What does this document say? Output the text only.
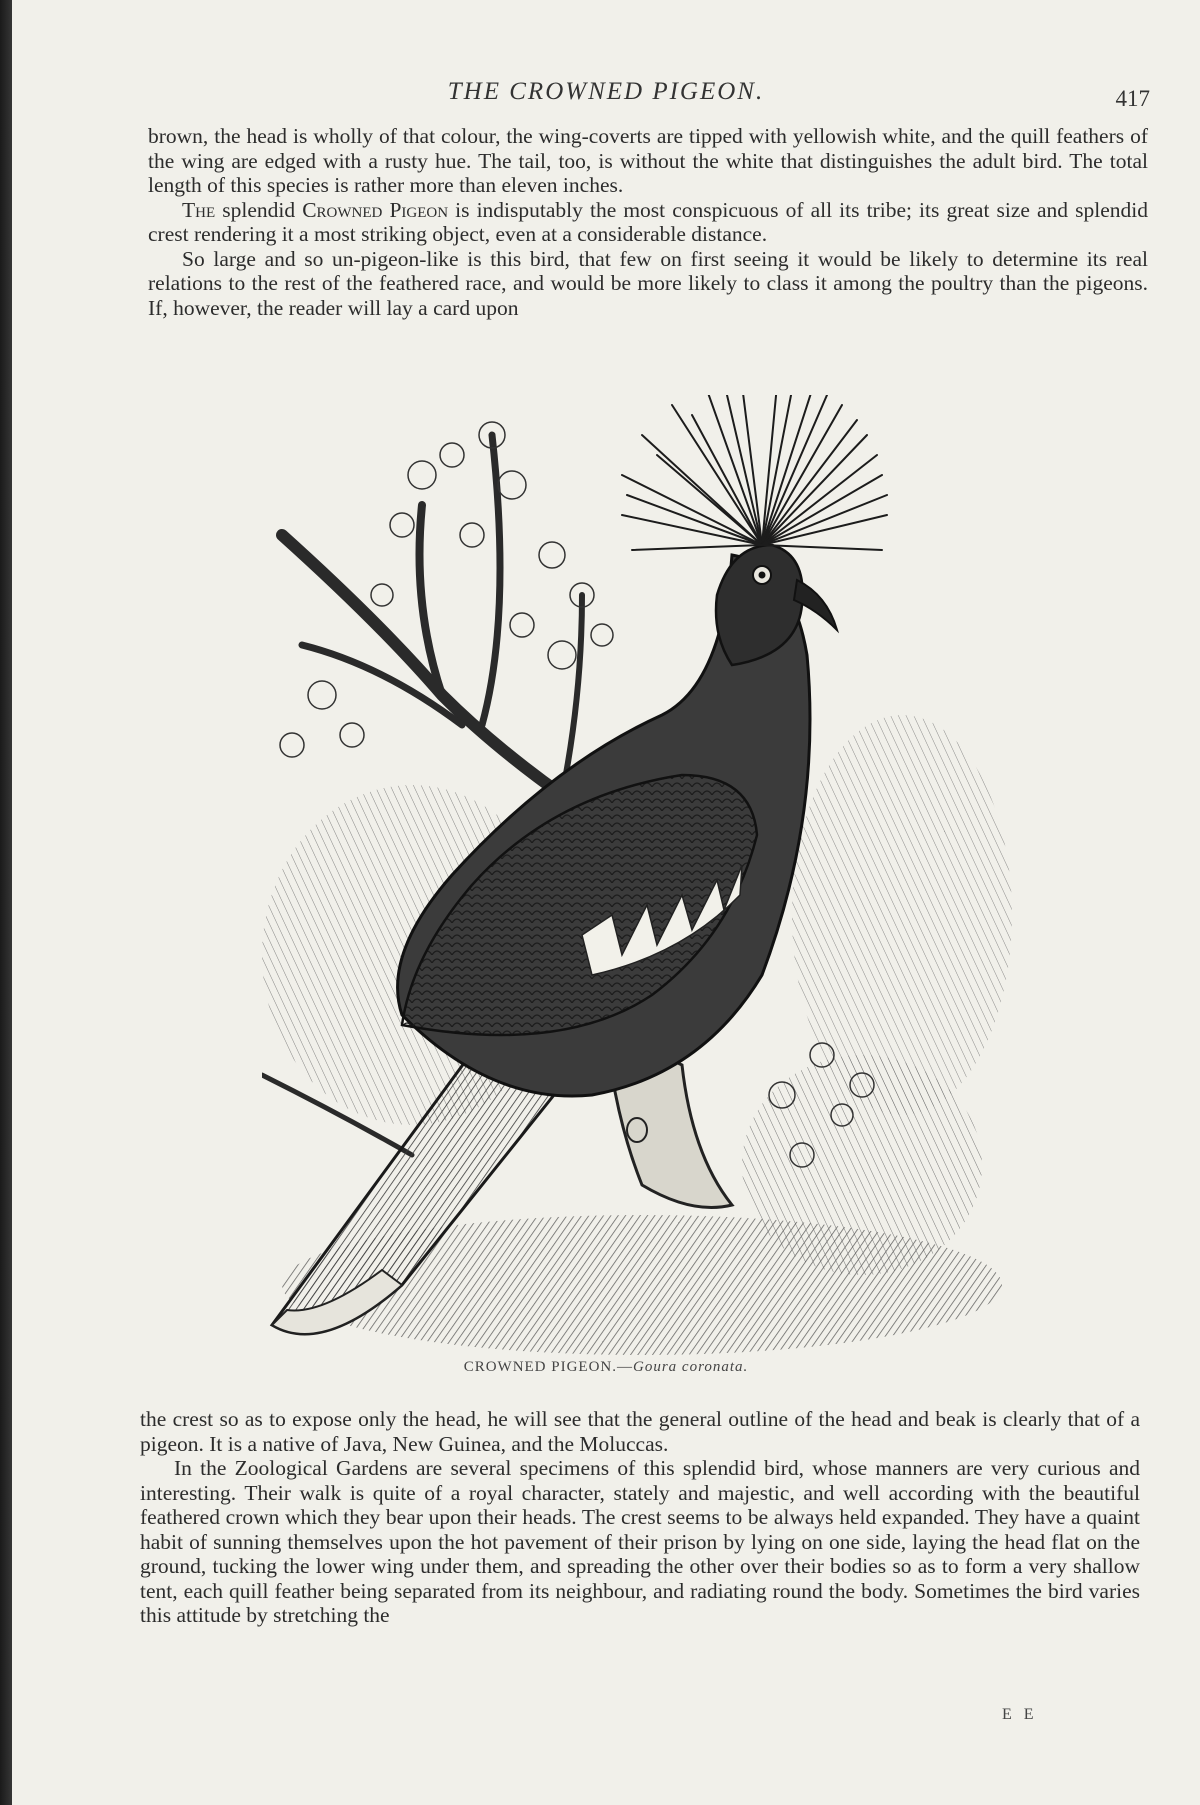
THE CROWNED PIGEON.	417

brown, the head is wholly of that colour, the wing-coverts are tipped with yellowish white, and the quill feathers of the wing are edged with a rusty hue. The tail, too, is without the white that distinguishes the adult bird. The total length of this species is rather more than eleven inches.

The splendid Crowned Pigeon is indisputably the most conspicuous of all its tribe; its great size and splendid crest rendering it a most striking object, even at a considerable distance.

So large and so un-pigeon-like is this bird, that few on first seeing it would be likely to determine its real relations to the rest of the feathered race, and would be more likely to class it among the poultry than the pigeons. If, however, the reader will lay a card upon

CROWNED PIGEON.—Goura coronata.

the crest so as to expose only the head, he will see that the general outline of the head and beak is clearly that of a pigeon. It is a native of Java, New Guinea, and the Moluccas.

In the Zoological Gardens are several specimens of this splendid bird, whose manners are very curious and interesting. Their walk is quite of a royal character, stately and majestic, and well according with the beautiful feathered crown which they bear upon their heads. The crest seems to be always held expanded. They have a quaint habit of sunning themselves upon the hot pavement of their prison by lying on one side, laying the head flat on the ground, tucking the lower wing under them, and spreading the other over their bodies so as to form a very shallow tent, each quill feather being separated from its neighbour, and radiating round the body. Sometimes the bird varies this attitude by stretching the

E E
